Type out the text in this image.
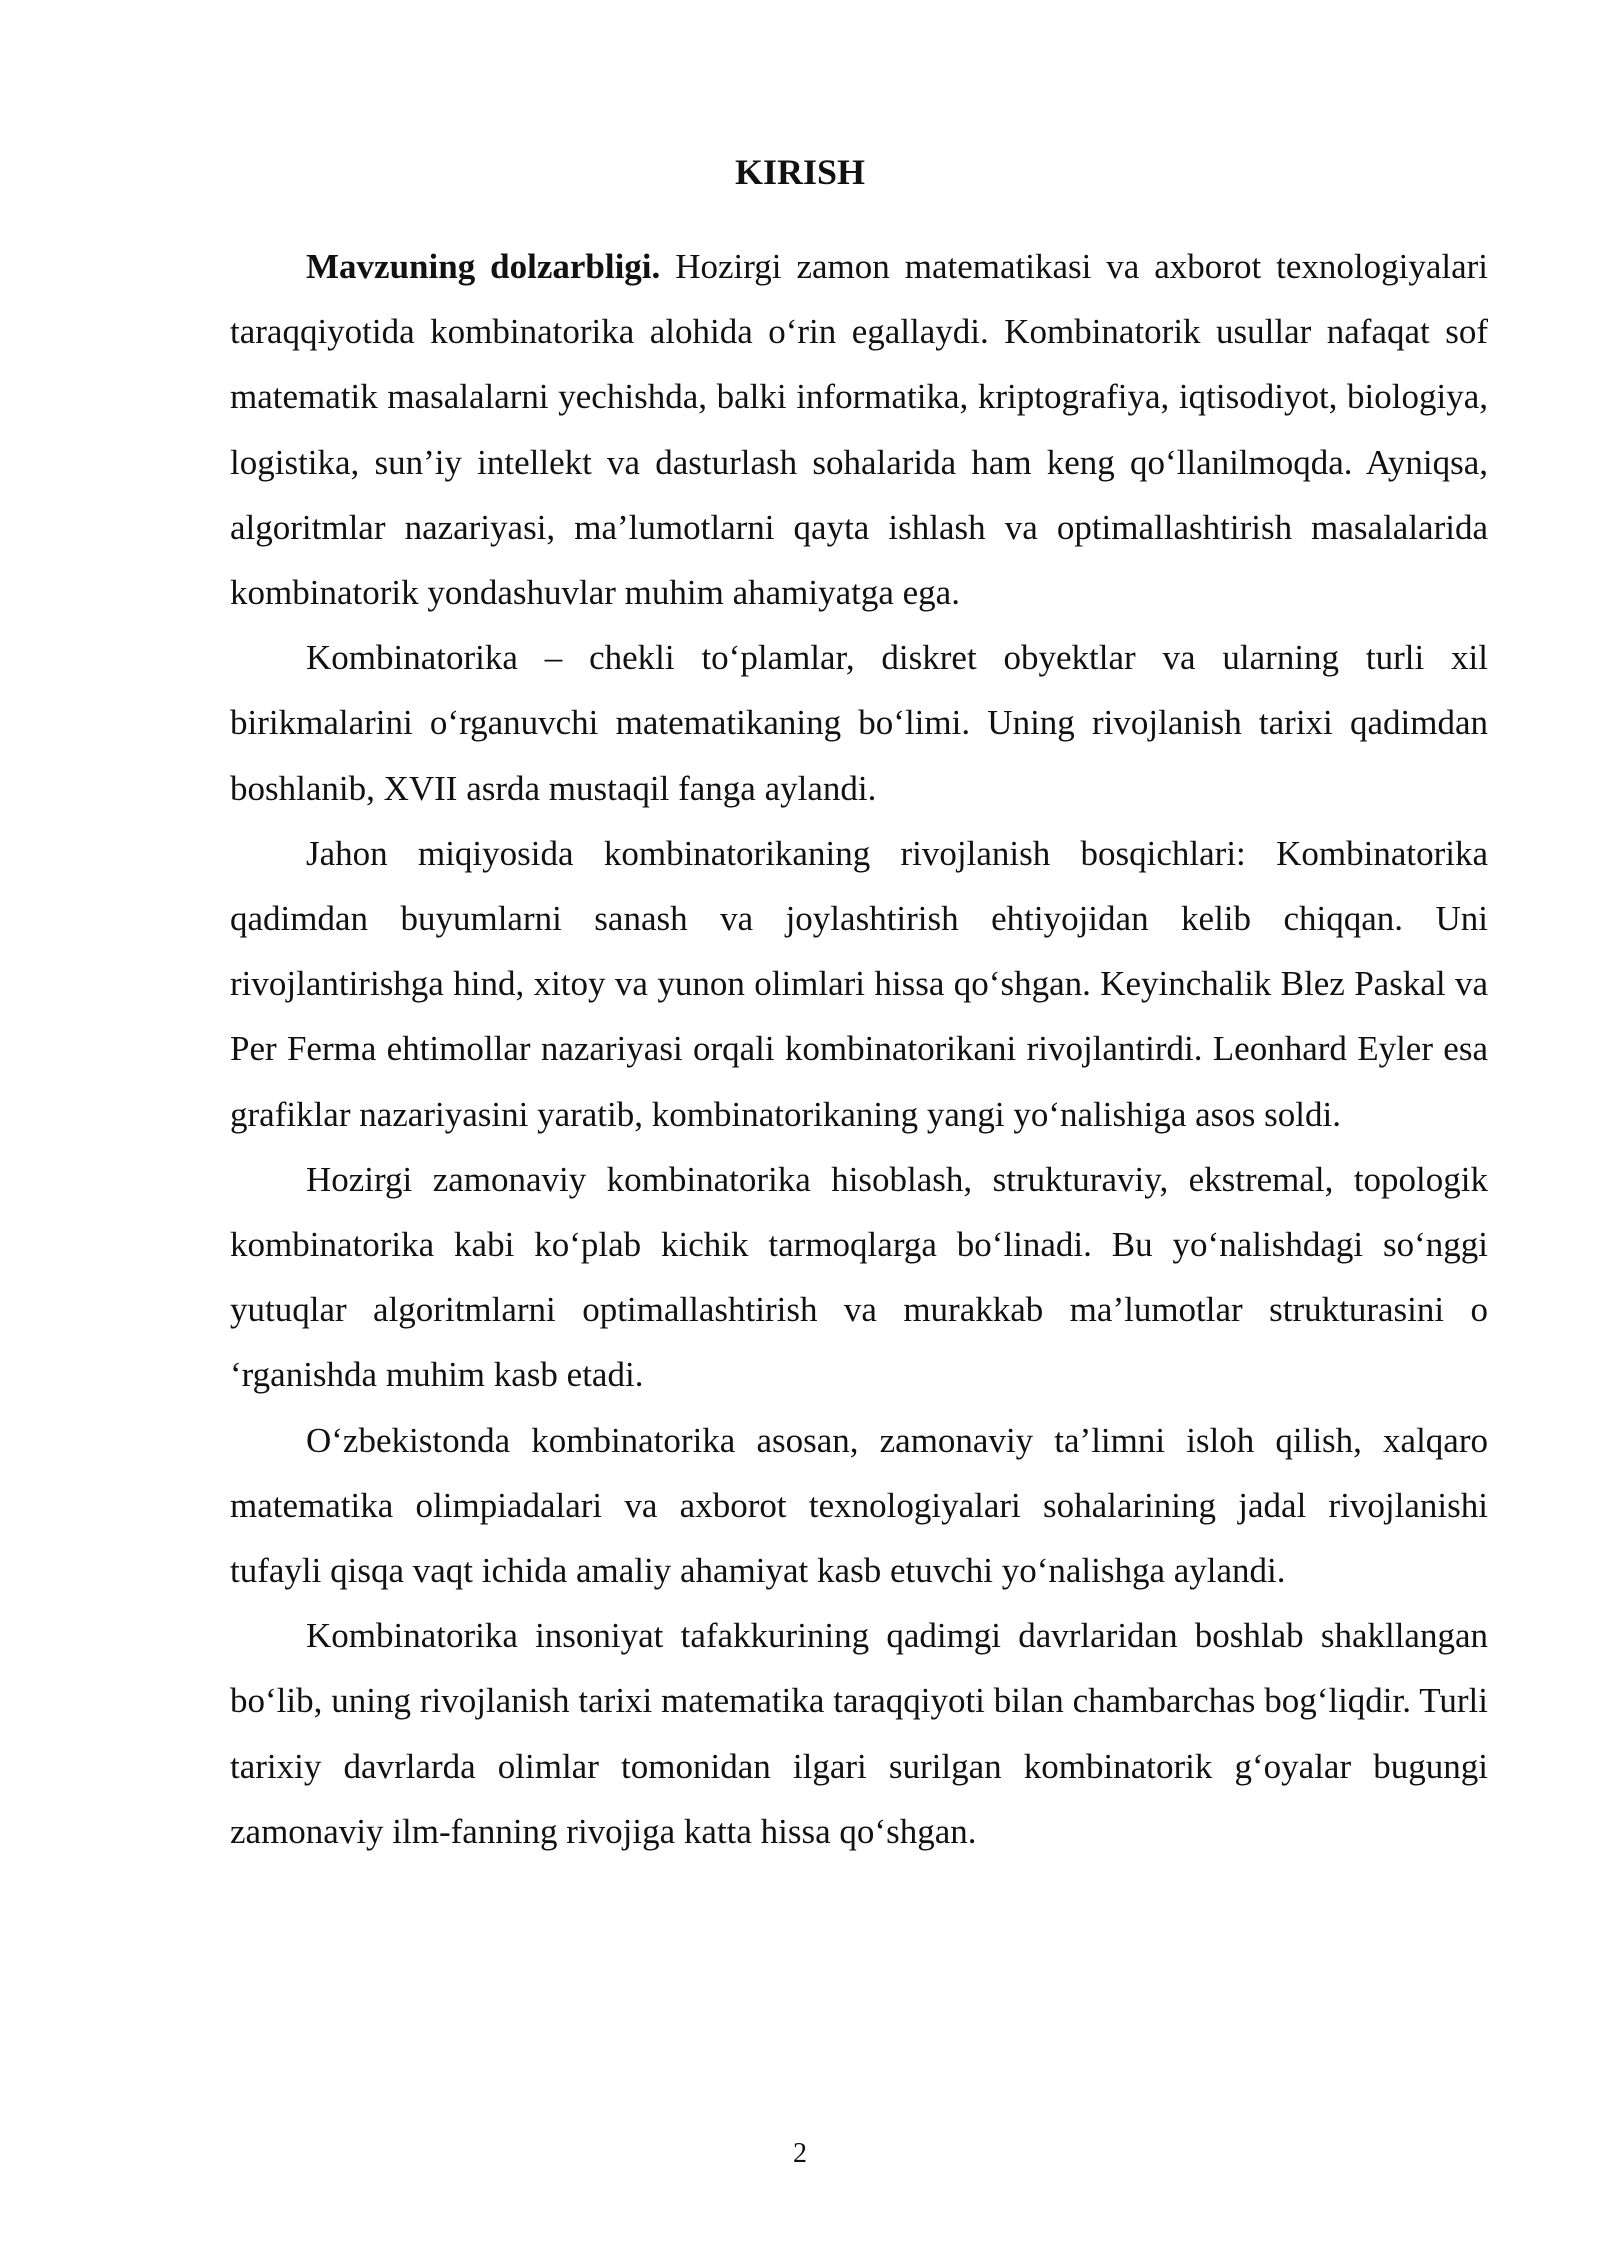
KIRISH

Mavzuning dolzarbligi. Hozirgi zamon matematikasi va axborot texnologiyalari taraqqiyotida kombinatorika alohida o‘rin egallaydi. Kombinatorik usullar nafaqat sof matematik masalalarni yechishda, balki informatika, kriptografiya, iqtisodiyot, biologiya, logistika, sun’iy intellekt va dasturlash sohalarida ham keng qo‘llanilmoqda. Ayniqsa, algoritmlar nazariyasi, ma’lumotlarni qayta ishlash va optimallashtirish masalalarida kombinatorik yondashuvlar muhim ahamiyatga ega.

Kombinatorika – chekli to‘plamlar, diskret obyektlar va ularning turli xil birikmalarini o‘rganuvchi matematikaning bo‘limi. Uning rivojlanish tarixi qadimdan boshlanib, XVII asrda mustaqil fanga aylandi.

Jahon miqiyosida kombinatorikaning rivojlanish bosqichlari: Kombinatorika qadimdan buyumlarni sanash va joylashtirish ehtiyojidan kelib chiqqan. Uni rivojlantirishga hind, xitoy va yunon olimlari hissa qo‘shgan. Keyinchalik Blez Paskal va Per Ferma ehtimollar nazariyasi orqali kombinatorikani rivojlantirdi. Leonhard Eyler esa grafiklar nazariyasini yaratib, kombinatorikaning yangi yo‘nalishiga asos soldi.

Hozirgi zamonaviy kombinatorika hisoblash, strukturaviy, ekstremal, topologik kombinatorika kabi ko‘plab kichik tarmoqlarga bo‘linadi. Bu yo‘nalishdagi so‘nggi yutuqlar algoritmlarni optimallashtirish va murakkab ma’lumotlar strukturasini o ‘rganishda muhim kasb etadi.

O‘zbekistonda kombinatorika asosan, zamonaviy ta’limni isloh qilish, xalqaro matematika olimpiadalari va axborot texnologiyalari sohalarining jadal rivojlanishi tufayli qisqa vaqt ichida amaliy ahamiyat kasb etuvchi yo‘nalishga aylandi.

Kombinatorika insoniyat tafakkurining qadimgi davrlaridan boshlab shakllangan bo‘lib, uning rivojlanish tarixi matematika taraqqiyoti bilan chambarchas bog‘liqdir. Turli tarixiy davrlarda olimlar tomonidan ilgari surilgan kombinatorik g‘oyalar bugungi zamonaviy ilm-fanning rivojiga katta hissa qo‘shgan.

2
